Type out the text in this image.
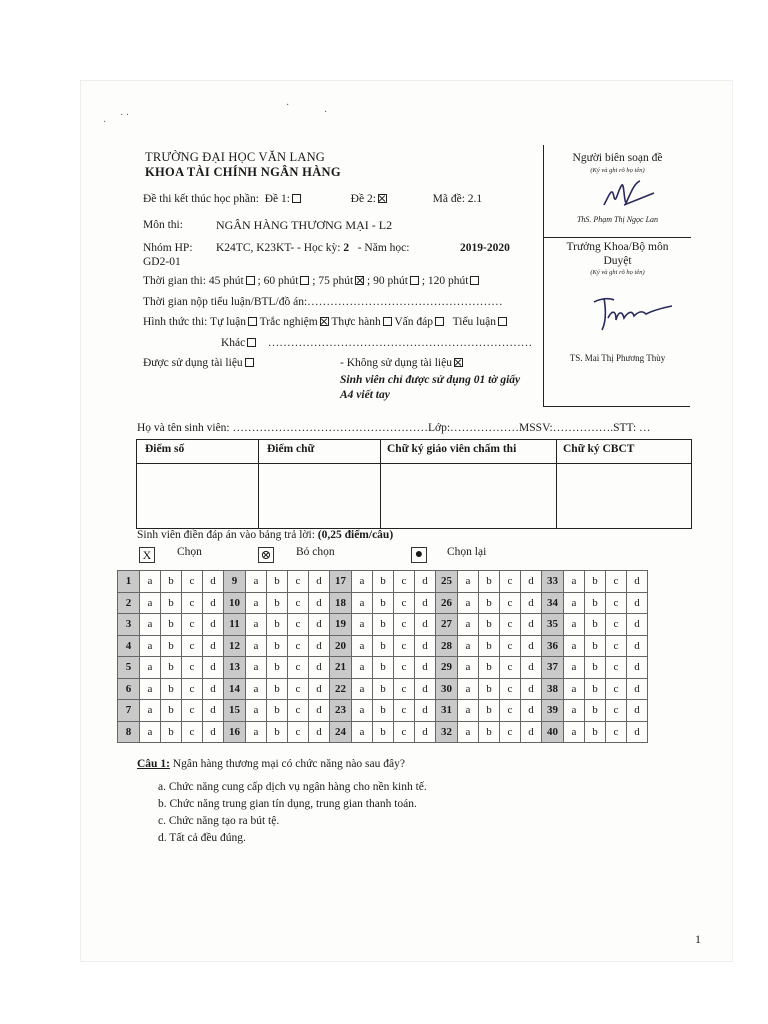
·
· ·
·
·
TRƯỜNG ĐẠI HỌC VĂN LANG
KHOA TÀI CHÍNH NGÂN HÀNG
Đề thi kết thúc học phần: Đề 1:	Đề 2:	Mã đề: 2.1
Môn thi:	NGÂN HÀNG THƯƠNG MẠI - L2
Nhóm HP: K24TC, K23KT- - Học kỳ: 2 - Năm học:	2019-2020
GD2-01
Thời gian thi: 45 phút ; 60 phút ; 75 phút ; 90 phút ; 120 phút
Thời gian nộp tiểu luận/BTL/đồ án:……………………………………………
Hình thức thi: Tự luận Trắc nghiệm Thực hành Vấn đáp Tiểu luận
Khác ……………………………………………………………
Được sử dụng tài liệu	- Không sử dụng tài liệu
Sinh viên chỉ được sử dụng 01 tờ giấy
A4 viết tay
Người biên soạn đề
(Ký và ghi rõ họ tên)
ThS. Phạm Thị Ngọc Lan
Trưởng Khoa/Bộ môn
Duyệt
(Ký và ghi rõ họ tên)
TS. Mai Thị Phương Thùy
Họ và tên sinh viên: ……………………………………………Lớp:………………MSSV:…………….STT: …
Điểm số	Điểm chữ	Chữ ký giáo viên chấm thi	Chữ ký CBCT
Sinh viên điền đáp án vào bảng trả lời: (0,25 điểm/câu)
X	Chọn	⊗ Bỏ chọn	●	Chọn lại
1	a	b	c	d	9	a	b	c	d	17	a	b	c	d	25	a	b	c	d	33	a	b	c	d
2	a	b	c	d	10	a	b	c	d	18	a	b	c	d	26	a	b	c	d	34	a	b	c	d
3	a	b	c	d	11	a	b	c	d	19	a	b	c	d	27	a	b	c	d	35	a	b	c	d
4	a	b	c	d	12	a	b	c	d	20	a	b	c	d	28	a	b	c	d	36	a	b	c	d
5	a	b	c	d	13	a	b	c	d	21	a	b	c	d	29	a	b	c	d	37	a	b	c	d
6	a	b	c	d	14	a	b	c	d	22	a	b	c	d	30	a	b	c	d	38	a	b	c	d
7	a	b	c	d	15	a	b	c	d	23	a	b	c	d	31	a	b	c	d	39	a	b	c	d
8	a	b	c	d	16	a	b	c	d	24	a	b	c	d	32	a	b	c	d	40	a	b	c	d
Câu 1: Ngân hàng thương mại có chức năng nào sau đây?
a. Chức năng cung cấp dịch vụ ngân hàng cho nền kinh tế.
b. Chức năng trung gian tín dụng, trung gian thanh toán.
c. Chức năng tạo ra bút tệ.
d. Tất cả đều đúng.
1
